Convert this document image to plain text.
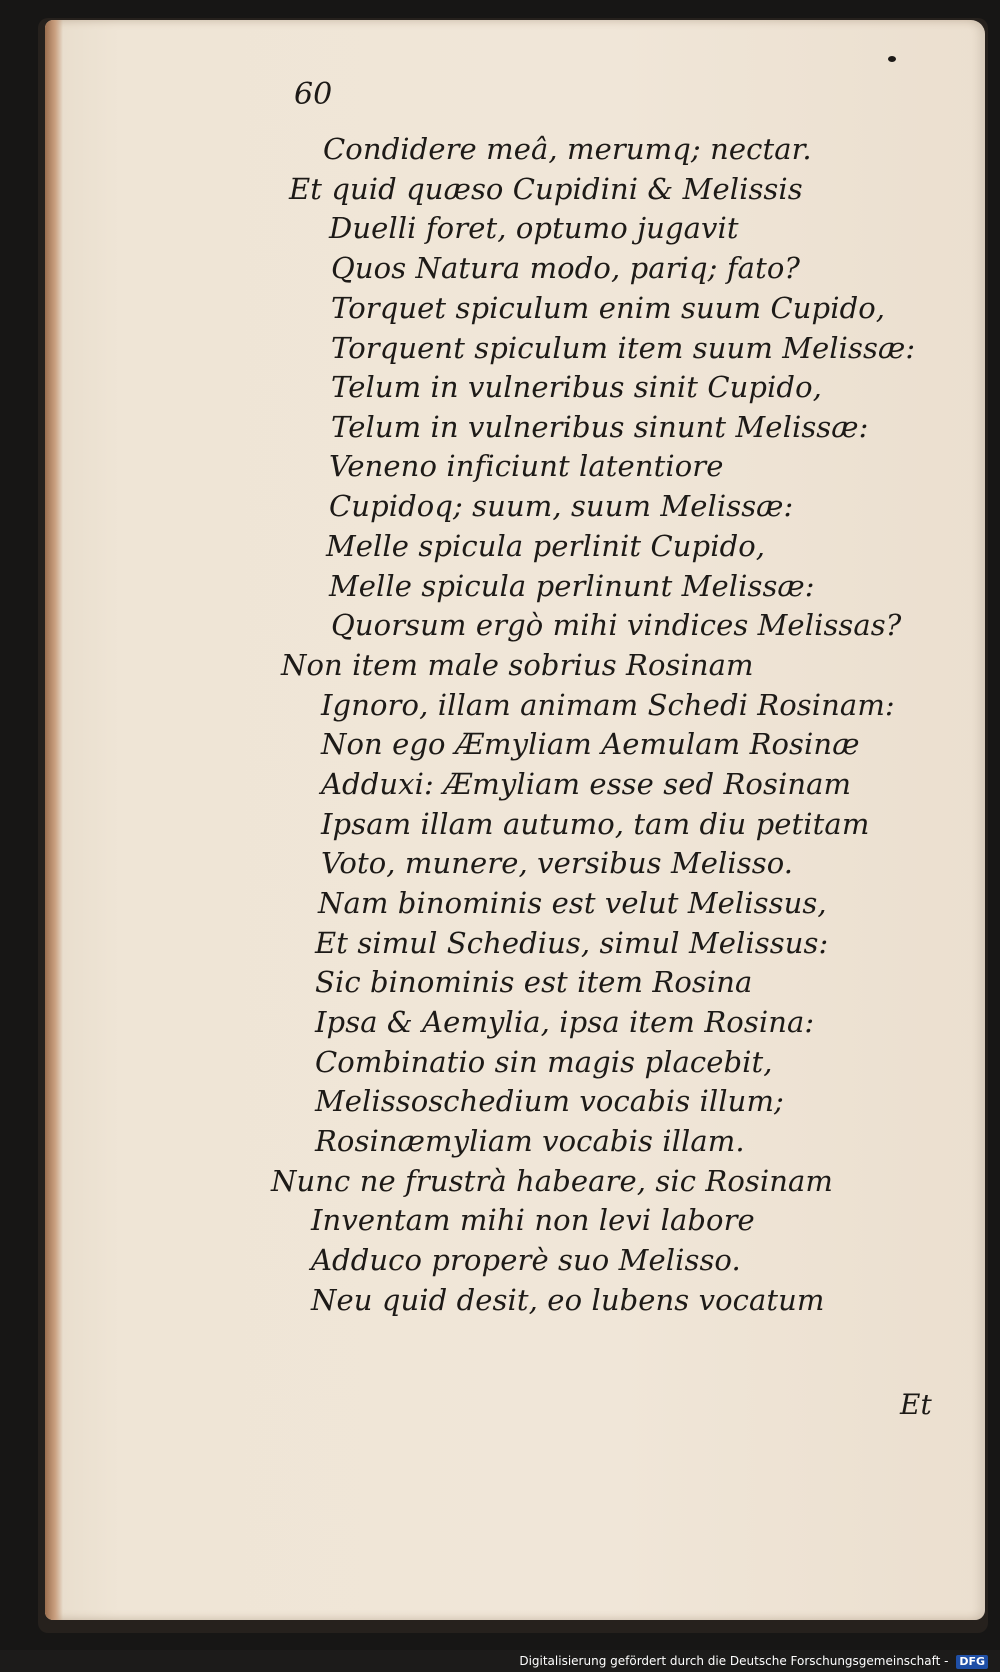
60
Condidere meâ, merumq; nectar.
Et quid quæso Cupidini & Melissis
Duelli foret, optumo jugavit
Quos Natura modo, pariq; fato?
Torquet spiculum enim suum Cupido,
Torquent spiculum item suum Melissæ:
Telum in vulneribus sinit Cupido,
Telum in vulneribus sinunt Melissæ:
Veneno inficiunt latentiore
Cupidoq; suum, suum Melissæ:
Melle spicula perlinit Cupido,
Melle spicula perlinunt Melissæ:
Quorsum ergò mihi vindices Melissas?
Non item male sobrius Rosinam
Ignoro, illam animam Schedi Rosinam:
Non ego Æmyliam Aemulam Rosinæ
Adduxi: Æmyliam esse sed Rosinam
Ipsam illam autumo, tam diu petitam
Voto, munere, versibus Melisso.
Nam binominis est velut Melissus,
Et simul Schedius, simul Melissus:
Sic binominis est item Rosina
Ipsa & Aemylia, ipsa item Rosina:
Combinatio sin magis placebit,
Melissoschedium vocabis illum;
Rosinæmyliam vocabis illam.
Nunc ne frustrà habeare, sic Rosinam
Inventam mihi non levi labore
Adduco properè suo Melisso.
Neu quid desit, eo lubens vocatum
Et
Digitalisierung gefördert durch die Deutsche Forschungsgemeinschaft - DFG
